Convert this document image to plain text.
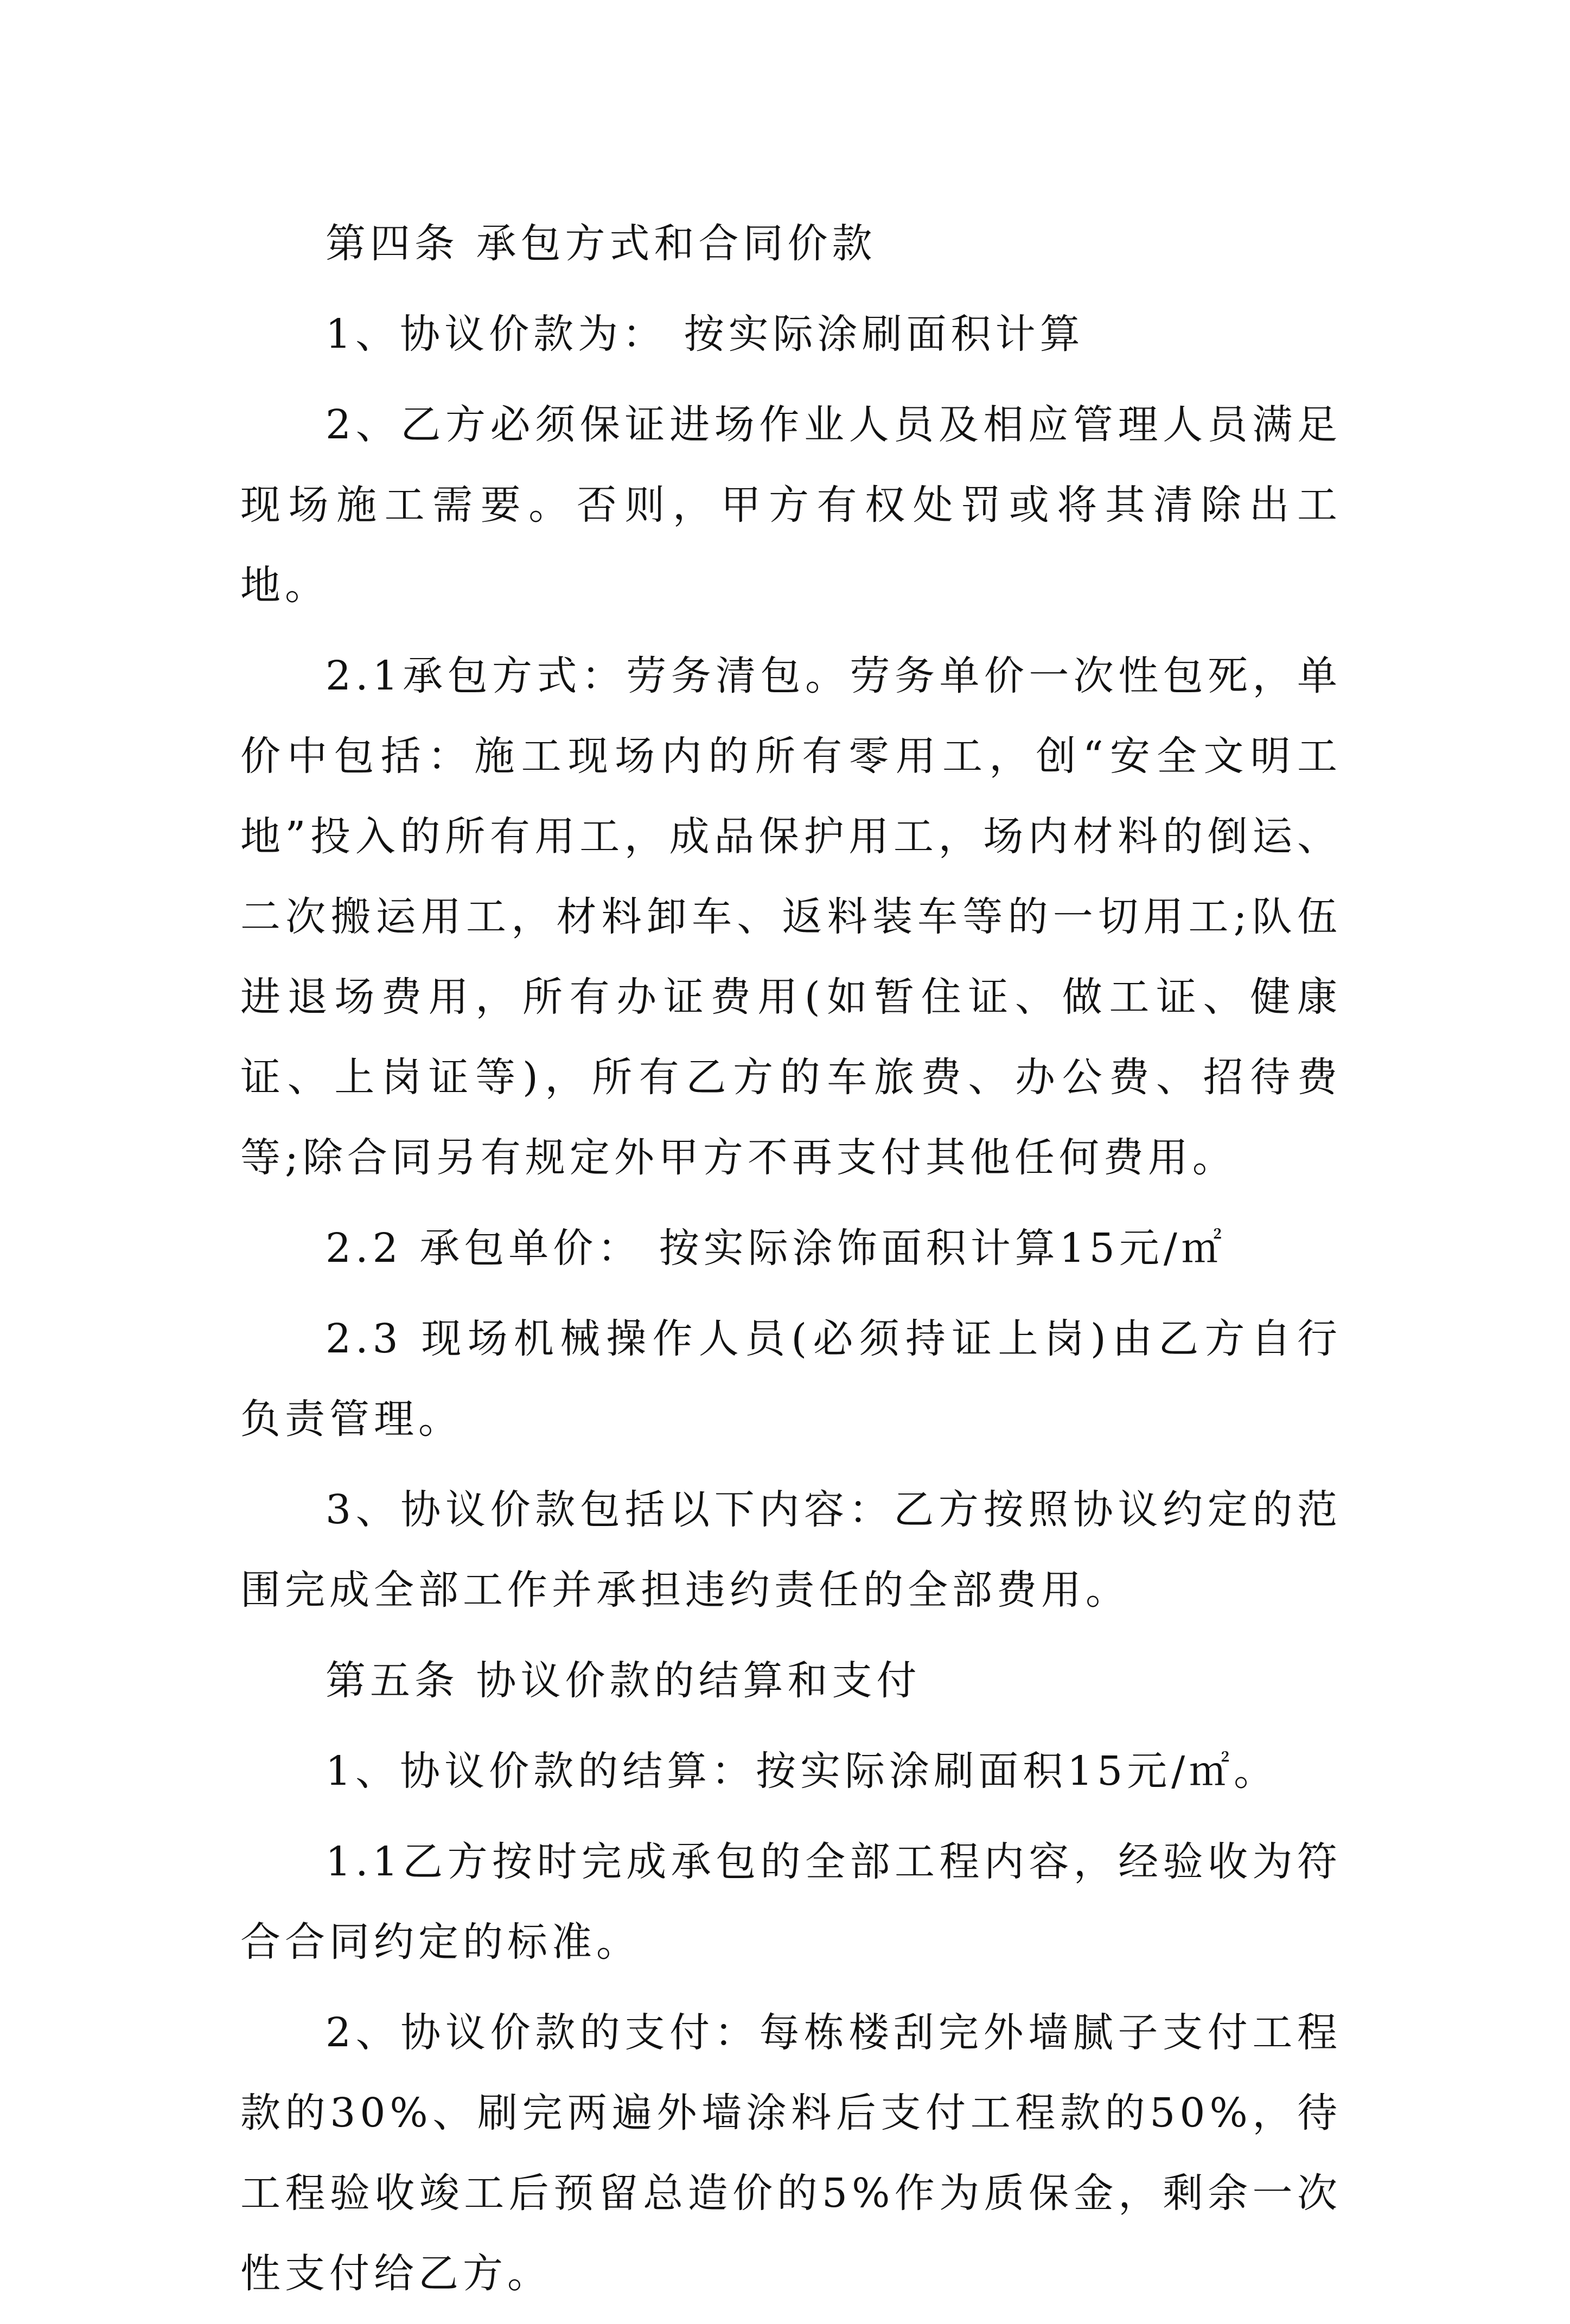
第四条 承包方式和合同价款

1、协议价款为： 按实际涂刷面积计算

2、乙方必须保证进场作业人员及相应管理人员满足现场施工需要。否则，甲方有权处罚或将其清除出工地。

2.1承包方式：劳务清包。劳务单价一次性包死，单价中包括：施工现场内的所有零用工，创“安全文明工地”投入的所有用工，成品保护用工，场内材料的倒运、二次搬运用工，材料卸车、返料装车等的一切用工;队伍进退场费用，所有办证费用(如暂住证、做工证、健康证、上岗证等)，所有乙方的车旅费、办公费、招待费等;除合同另有规定外甲方不再支付其他任何费用。

2.2 承包单价： 按实际涂饰面积计算15元/㎡

2.3 现场机械操作人员(必须持证上岗)由乙方自行负责管理。

3、协议价款包括以下内容：乙方按照协议约定的范围完成全部工作并承担违约责任的全部费用。

第五条 协议价款的结算和支付

1、协议价款的结算：按实际涂刷面积15元/㎡。

1.1乙方按时完成承包的全部工程内容，经验收为符合合同约定的标准。

2、协议价款的支付：每栋楼刮完外墙腻子支付工程款的30%、刷完两遍外墙涂料后支付工程款的50%，待工程验收竣工后预留总造价的5%作为质保金，剩余一次性支付给乙方。
